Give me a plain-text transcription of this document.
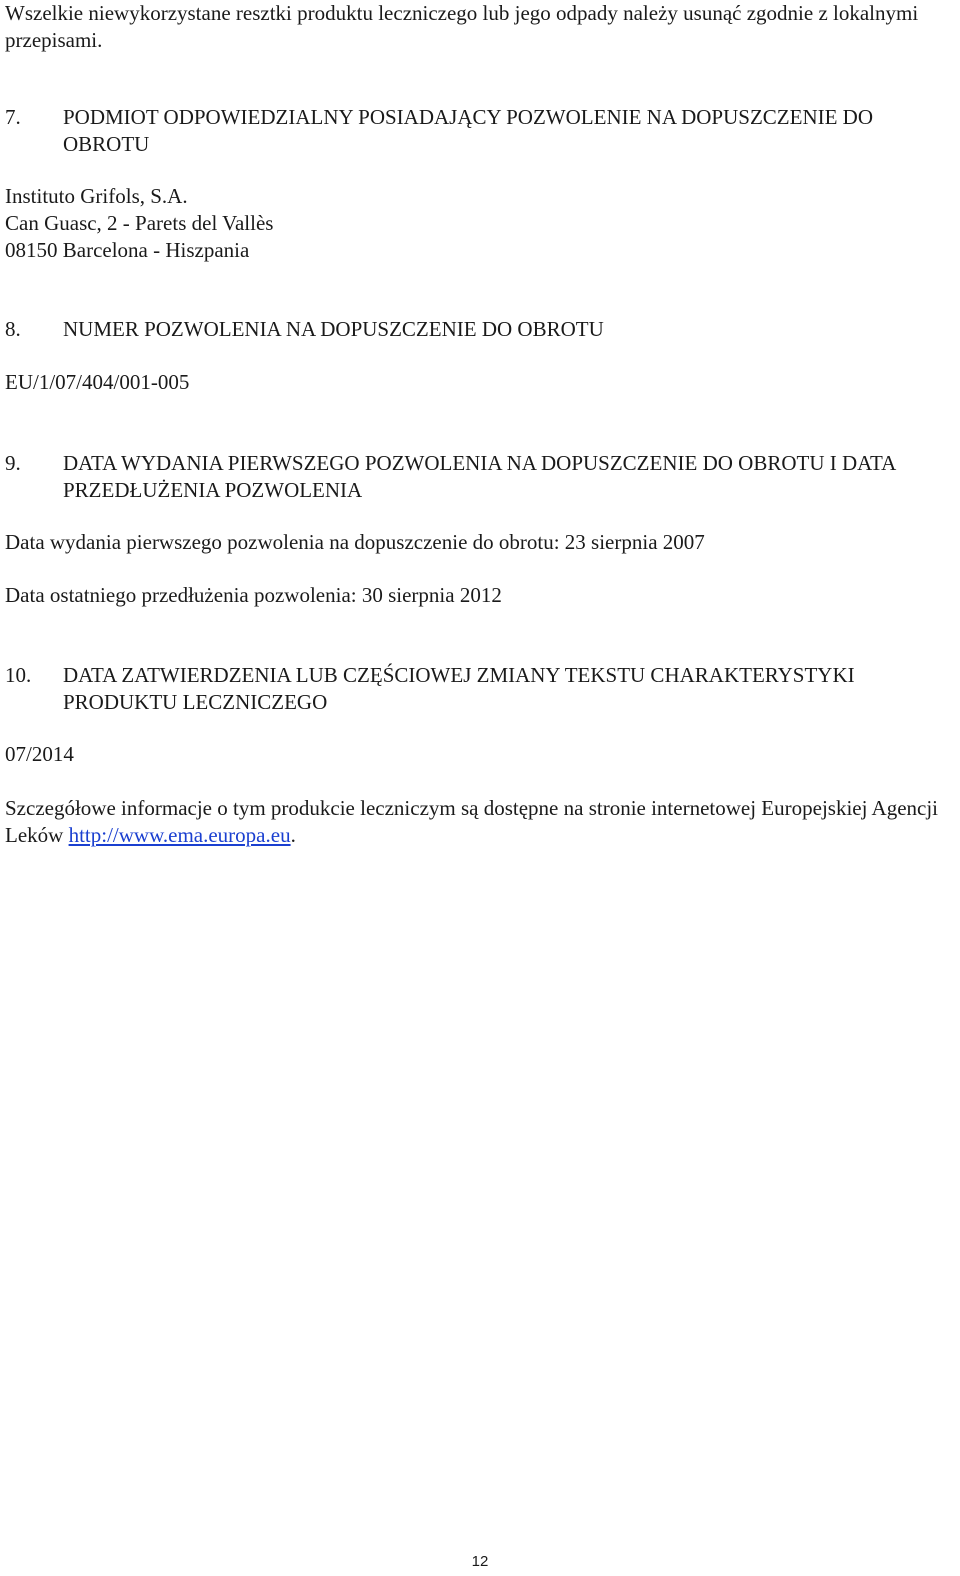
Wszelkie niewykorzystane resztki produktu leczniczego lub jego odpady należy usunąć zgodnie z lokalnymi przepisami.

7. PODMIOT ODPOWIEDZIALNY POSIADAJĄCY POZWOLENIE NA DOPUSZCZENIE DO OBROTU
Instituto Grifols, S.A.
Can Guasc, 2 - Parets del Vallès
08150 Barcelona - Hiszpania
8. NUMER POZWOLENIA NA DOPUSZCZENIE DO OBROTU
EU/1/07/404/001-005
9. DATA WYDANIA PIERWSZEGO POZWOLENIA NA DOPUSZCZENIE DO OBROTU I DATA PRZEDŁUŻENIA POZWOLENIA
Data wydania pierwszego pozwolenia na dopuszczenie do obrotu: 23 sierpnia 2007
Data ostatniego przedłużenia pozwolenia: 30 sierpnia 2012
10. DATA ZATWIERDZENIA LUB CZĘŚCIOWEJ ZMIANY TEKSTU CHARAKTERYSTYKI PRODUKTU LECZNICZEGO
07/2014

Szczegółowe informacje o tym produkcie leczniczym są dostępne na stronie internetowej Europejskiej Agencji Leków http://www.ema.europa.eu.

12
